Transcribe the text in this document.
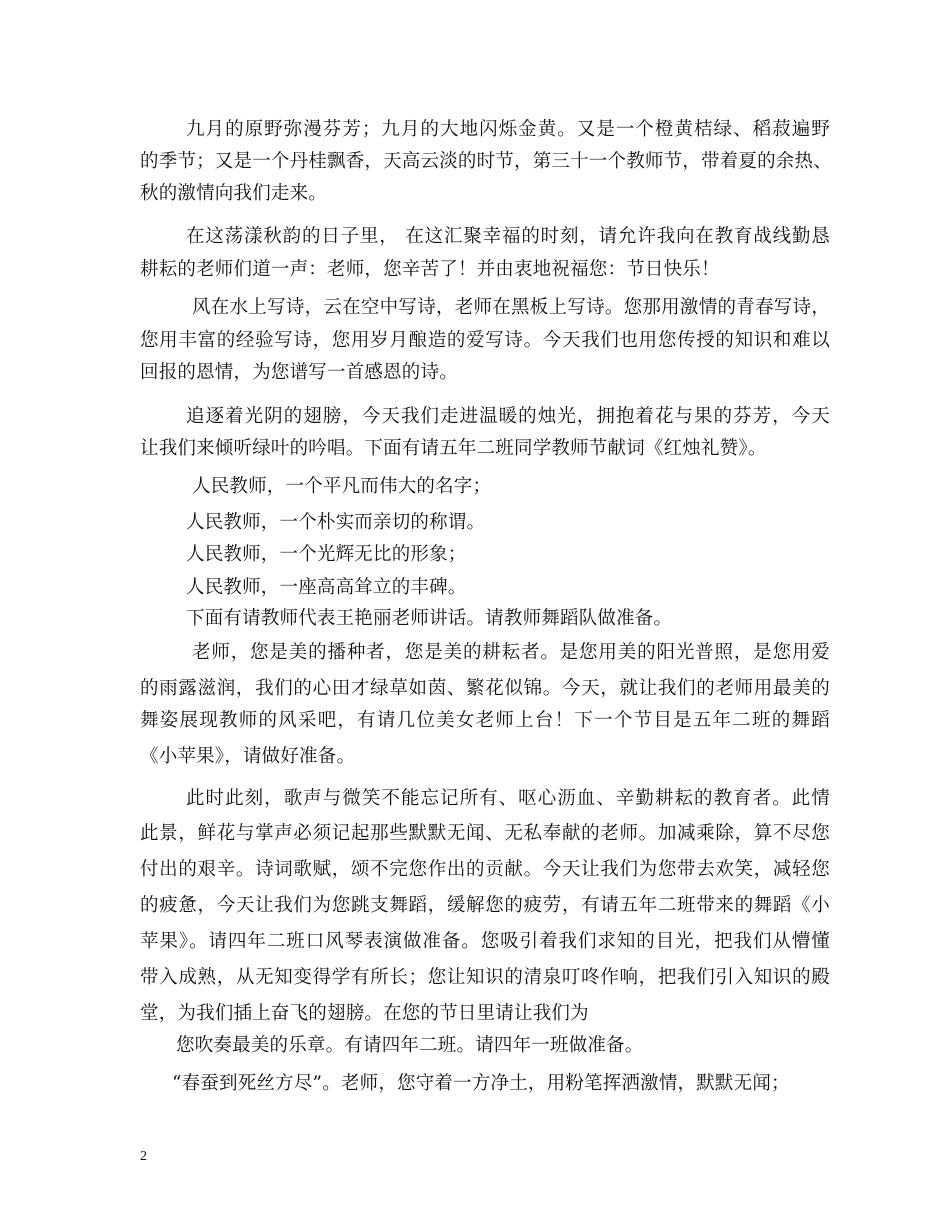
九月的原野弥漫芬芳；九月的大地闪烁金黄。又是一个橙黄桔绿、稻菽遍野
的季节；又是一个丹桂飘香，天高云淡的时节，第三十一个教师节，带着夏的余热、
秋的激情向我们走来。
在这荡漾秋韵的日子里， 在这汇聚幸福的时刻，请允许我向在教育战线勤恳
耕耘的老师们道一声：老师，您辛苦了！并由衷地祝福您：节日快乐！
风在水上写诗，云在空中写诗，老师在黑板上写诗。您那用激情的青春写诗，
您用丰富的经验写诗，您用岁月酿造的爱写诗。今天我们也用您传授的知识和难以
回报的恩情，为您谱写一首感恩的诗。
追逐着光阴的翅膀，今天我们走进温暖的烛光，拥抱着花与果的芬芳，今天
让我们来倾听绿叶的吟唱。下面有请五年二班同学教师节献词《红烛礼赞》。
人民教师，一个平凡而伟大的名字；
人民教师，一个朴实而亲切的称谓。
人民教师，一个光辉无比的形象；
人民教师，一座高高耸立的丰碑。
下面有请教师代表王艳丽老师讲话。请教师舞蹈队做准备。
老师，您是美的播种者，您是美的耕耘者。是您用美的阳光普照，是您用爱
的雨露滋润，我们的心田才绿草如茵、繁花似锦。今天，就让我们的老师用最美的
舞姿展现教师的风采吧，有请几位美女老师上台！下一个节目是五年二班的舞蹈
《小苹果》，请做好准备。
此时此刻，歌声与微笑不能忘记所有、呕心沥血、辛勤耕耘的教育者。此情
此景，鲜花与掌声必须记起那些默默无闻、无私奉献的老师。加减乘除，算不尽您
付出的艰辛。诗词歌赋，颂不完您作出的贡献。今天让我们为您带去欢笑，减轻您
的疲惫，今天让我们为您跳支舞蹈，缓解您的疲劳，有请五年二班带来的舞蹈《小
苹果》。请四年二班口风琴表演做准备。您吸引着我们求知的目光，把我们从懵懂
带入成熟，从无知变得学有所长；您让知识的清泉叮咚作响，把我们引入知识的殿
堂，为我们插上奋飞的翅膀。在您的节日里请让我们为
您吹奏最美的乐章。有请四年二班。请四年一班做准备。
“春蚕到死丝方尽”。老师，您守着一方净土，用粉笔挥洒激情，默默无闻；
2
